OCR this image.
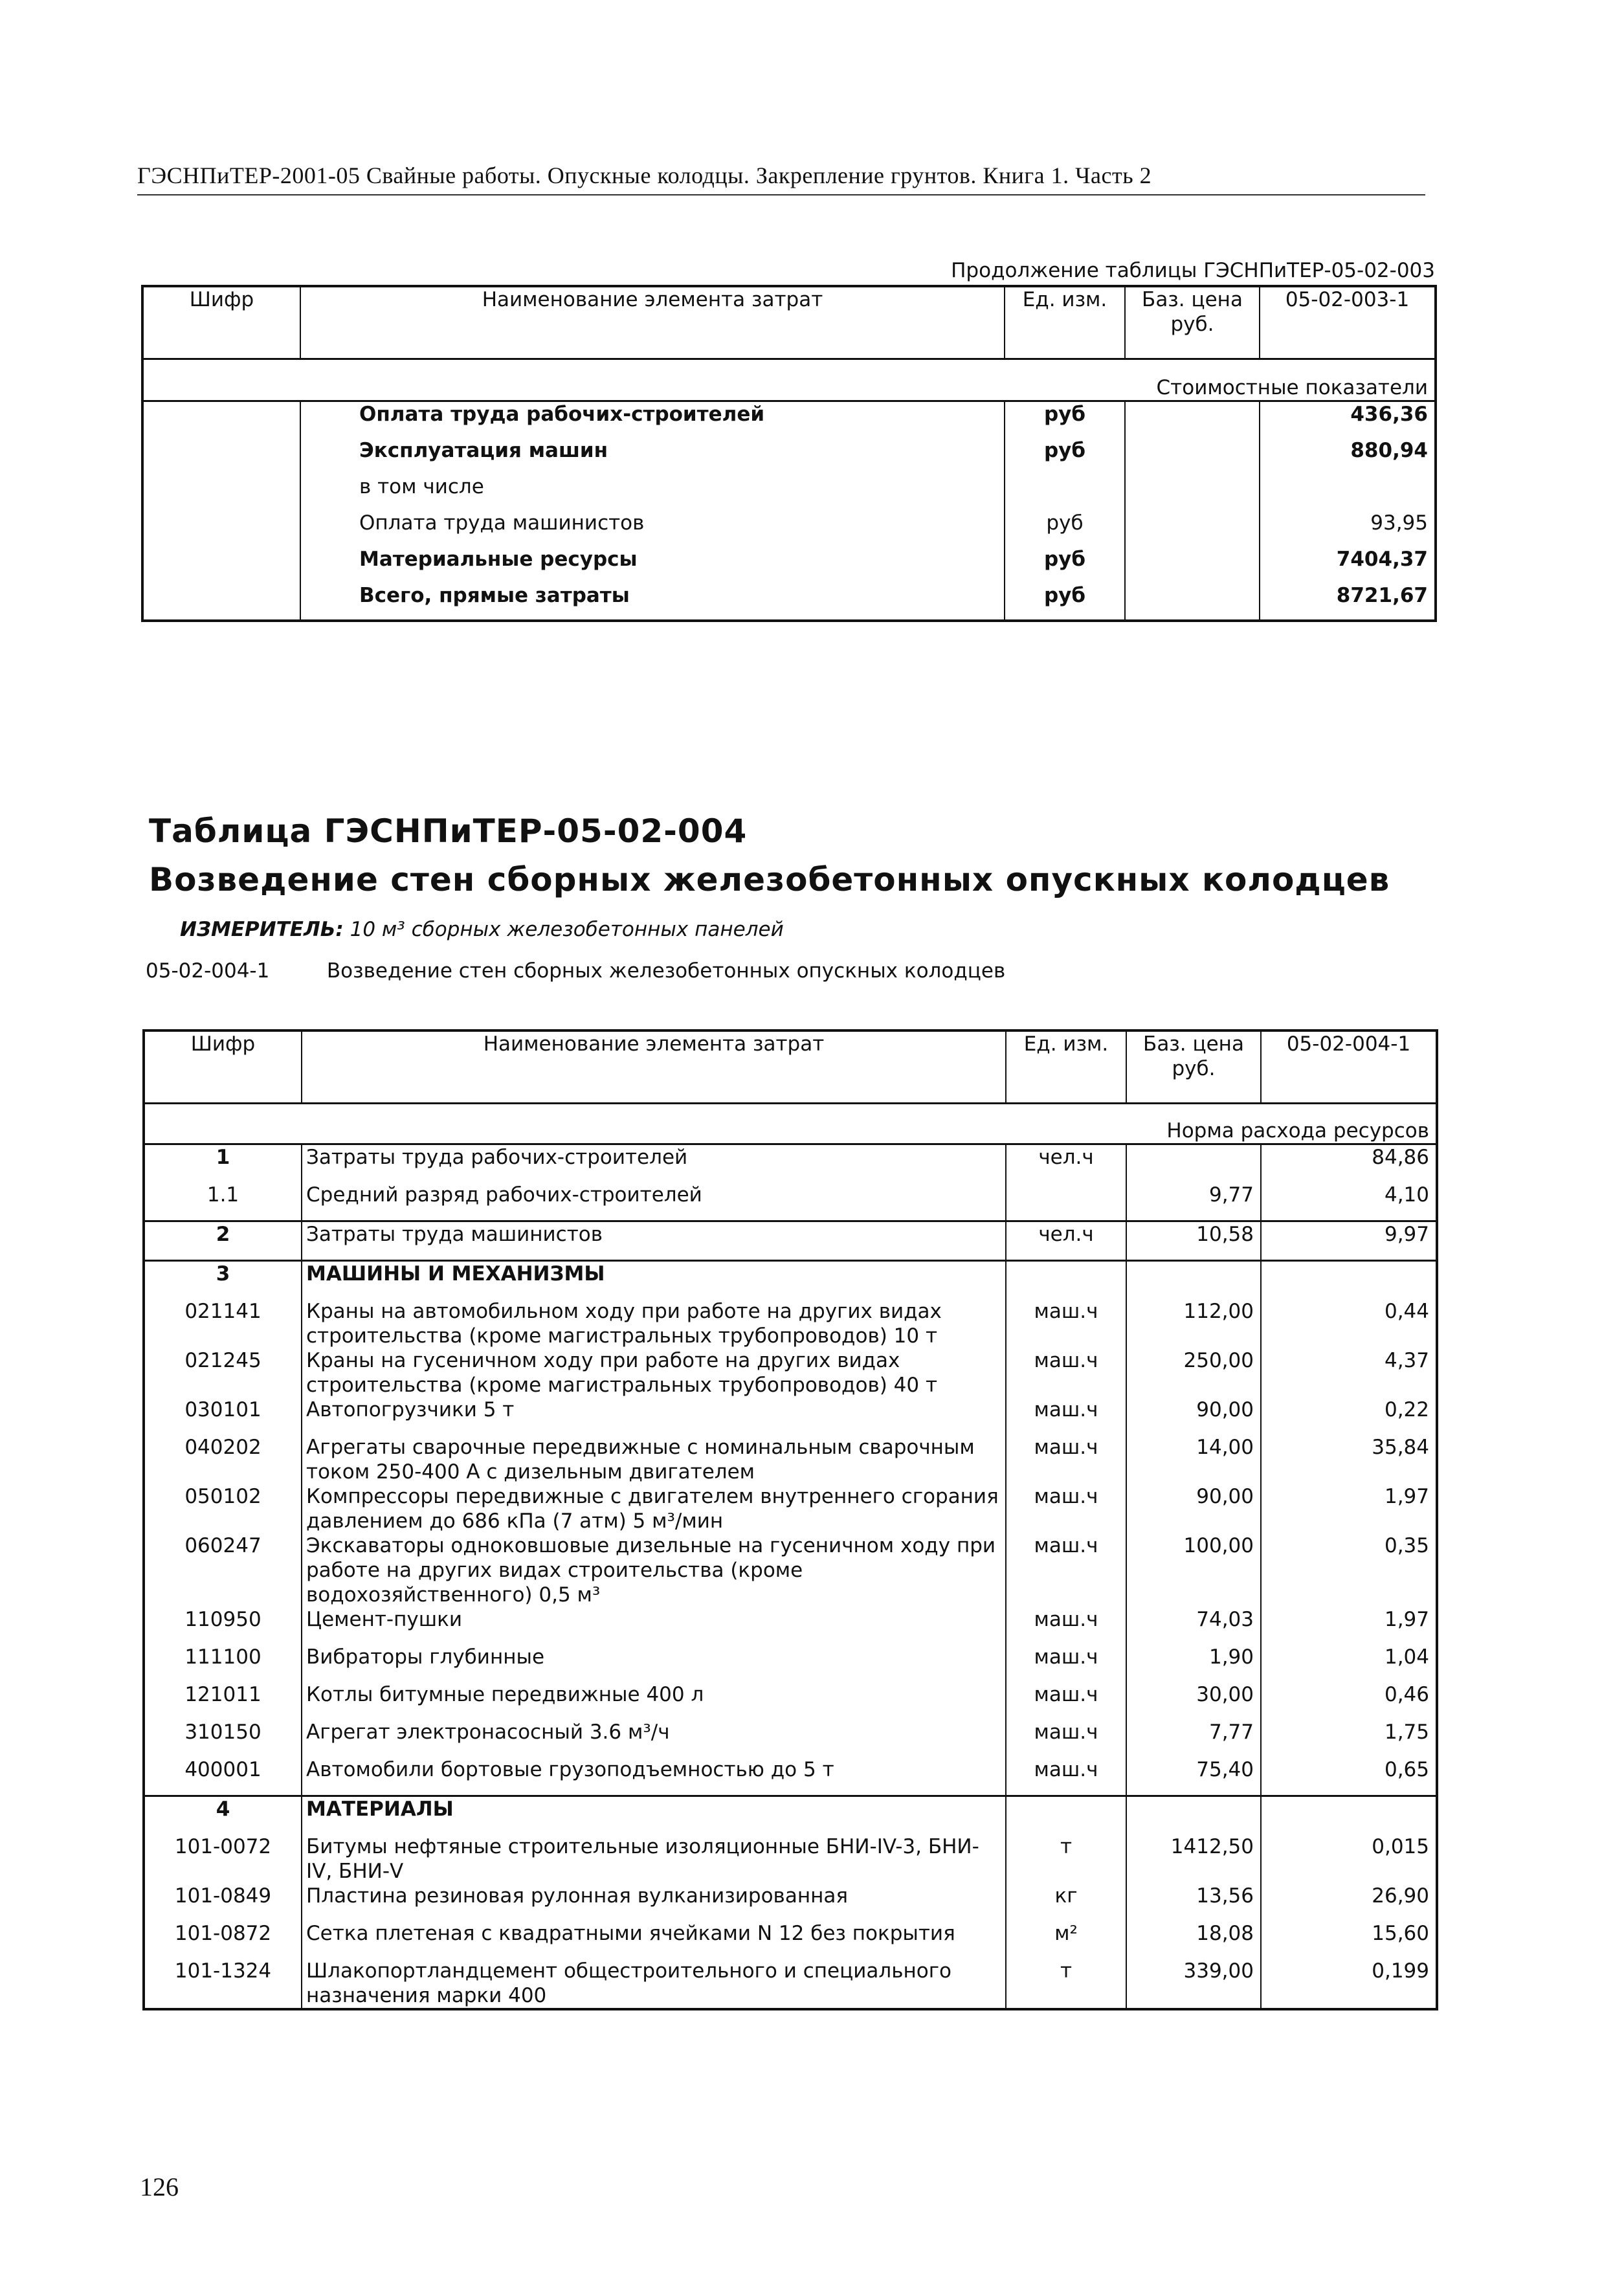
ГЭСНПиТЕР-2001-05 Свайные работы. Опускные колодцы. Закрепление грунтов. Книга 1. Часть 2
Продолжение таблицы ГЭСНПиТЕР-05-02-003
Шифр	Наименование элемента затрат	Ед. изм.	Баз. цена руб.	05-02-003-1

Стоимостные показатели				
	Оплата труда рабочих-строителей	руб		436,36
	Эксплуатация машин	руб		880,94
	в том числе			
	Оплата труда машинистов	руб		93,95
	Материальные ресурсы	руб		7404,37
	Всего, прямые затраты	руб		8721,67
Таблица ГЭСНПиТЕР-05-02-004
Возведение стен сборных железобетонных опускных колодцев
ИЗМЕРИТЕЛЬ: 10 м³ сборных железобетонных панелей
05-02-004-1	Возведение стен сборных железобетонных опускных колодцев
Шифр	Наименование элемента затрат	Ед. изм.	Баз. цена руб.	05-02-004-1

Норма расхода ресурсов				
1	Затраты труда рабочих-строителей	чел.ч		84,86
1.1	Средний разряд рабочих-строителей		9,77	4,10
2	Затраты труда машинистов	чел.ч	10,58	9,97
3	МАШИНЫ И МЕХАНИЗМЫ			
021141	Краны на автомобильном ходу при работе на других видах строительства (кроме магистральных трубопроводов) 10 т	маш.ч	112,00	0,44
021245	Краны на гусеничном ходу при работе на других видах строительства (кроме магистральных трубопроводов) 40 т	маш.ч	250,00	4,37
030101	Автопогрузчики 5 т	маш.ч	90,00	0,22
040202	Агрегаты сварочные передвижные с номинальным сварочным током 250-400 А с дизельным двигателем	маш.ч	14,00	35,84
050102	Компрессоры передвижные с двигателем внутреннего сгорания давлением до 686 кПа (7 атм) 5 м³/мин	маш.ч	90,00	1,97
060247	Экскаваторы одноковшовые дизельные на гусеничном ходу при работе на других видах строительства (кроме водохозяйственного) 0,5 м³	маш.ч	100,00	0,35
110950	Цемент-пушки	маш.ч	74,03	1,97
111100	Вибраторы глубинные	маш.ч	1,90	1,04
121011	Котлы битумные передвижные 400 л	маш.ч	30,00	0,46
310150	Агрегат электронасосный 3.6 м³/ч	маш.ч	7,77	1,75
400001	Автомобили бортовые грузоподъемностью до 5 т	маш.ч	75,40	0,65
4	МАТЕРИАЛЫ			
101-0072	Битумы нефтяные строительные изоляционные БНИ-IV-3, БНИ-IV, БНИ-V	т	1412,50	0,015
101-0849	Пластина резиновая рулонная вулканизированная	кг	13,56	26,90
101-0872	Сетка плетеная с квадратными ячейками N 12 без покрытия	м²	18,08	15,60
101-1324	Шлакопортландцемент общестроительного и специального назначения марки 400	т	339,00	0,199
126
